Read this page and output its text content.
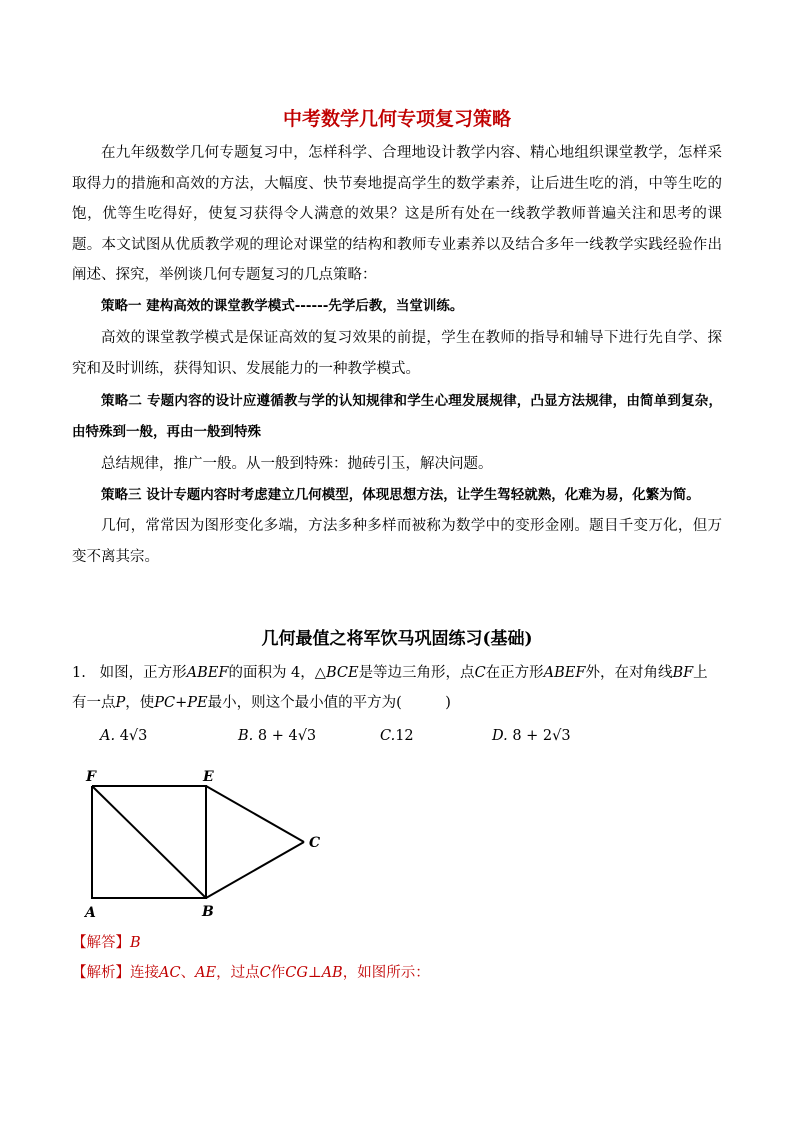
中考数学几何专项复习策略
在九年级数学几何专题复习中，怎样科学、合理地设计教学内容、精心地组织课堂教学，怎样采取得力的措施和高效的方法，大幅度、快节奏地提高学生的数学素养，让后进生吃的消，中等生吃的饱，优等生吃得好，使复习获得令人满意的效果？这是所有处在一线教学教师普遍关注和思考的课题。本文试图从优质教学观的理论对课堂的结构和教师专业素养以及结合多年一线教学实践经验作出阐述、探究，举例谈几何专题复习的几点策略：
策略一 建构高效的课堂教学模式------先学后教，当堂训练。
高效的课堂教学模式是保证高效的复习效果的前提，学生在教师的指导和辅导下进行先自学、探究和及时训练，获得知识、发展能力的一种教学模式。
策略二 专题内容的设计应遵循教与学的认知规律和学生心理发展规律，凸显方法规律，由简单到复杂，由特殊到一般，再由一般到特殊
总结规律，推广一般。从一般到特殊：抛砖引玉，解决问题。
策略三 设计专题内容时考虑建立几何模型，体现思想方法，让学生驾轻就熟，化难为易，化繁为简。
几何，常常因为图形变化多端，方法多种多样而被称为数学中的变形金刚。题目千变万化，但万变不离其宗。
几何最值之将军饮马巩固练习(基础)
1. 如图，正方形ABEF的面积为 4，△BCE是等边三角形，点C在正方形ABEF外，在对角线BF上有一点P，使PC+PE最小，则这个最小值的平方为(　　　)
A. 4√3	B. 8 + 4√3	C.12	D. 8 + 2√3
F	E
C
A	B
【解答】B
【解析】连接AC、AE，过点C作CG⊥AB，如图所示：
